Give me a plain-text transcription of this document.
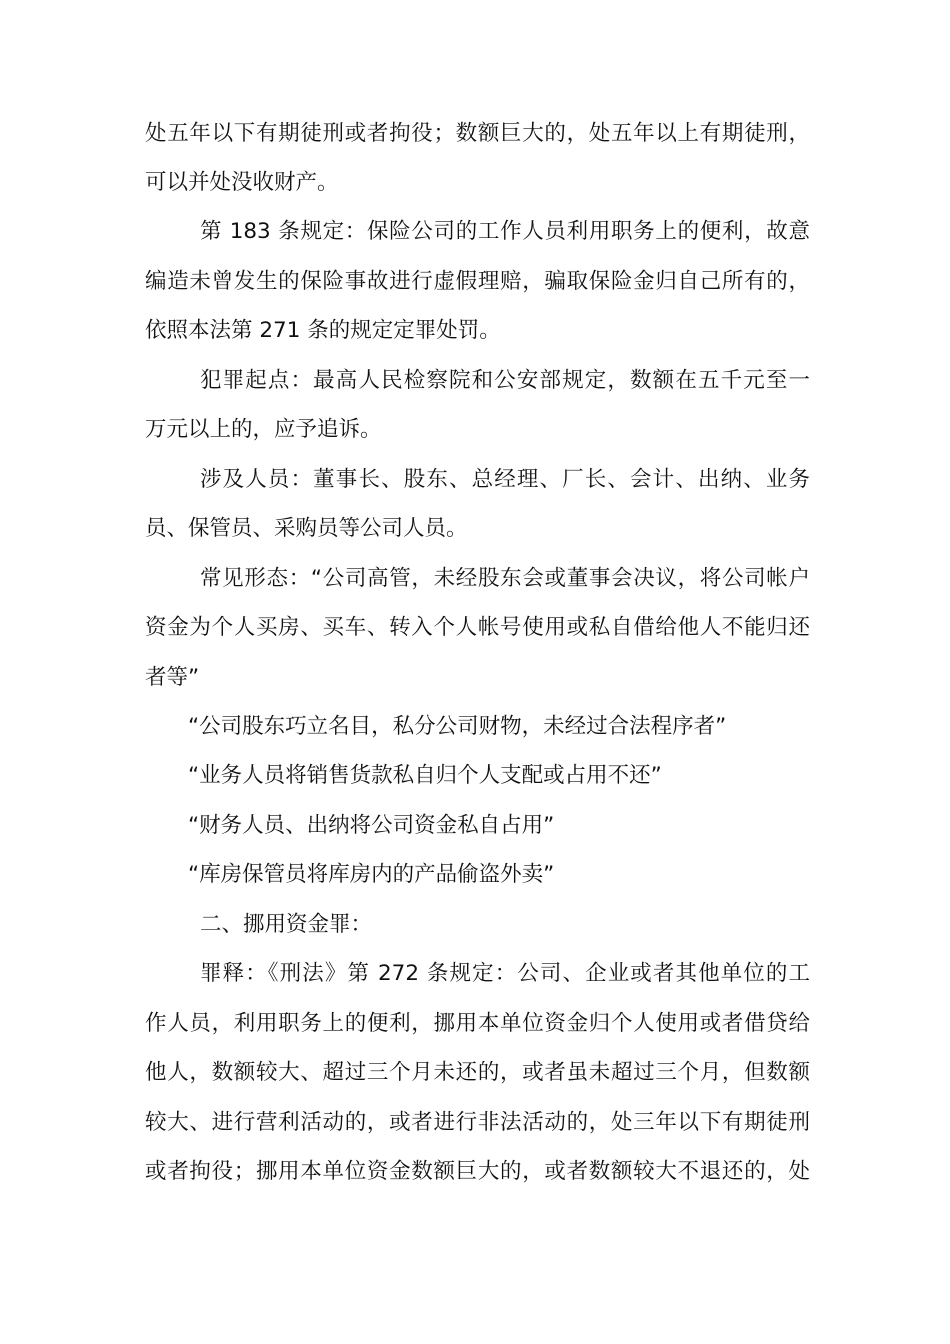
处五年以下有期徒刑或者拘役；数额巨大的，处五年以上有期徒刑，
可以并处没收财产。
第 183 条规定：保险公司的工作人员利用职务上的便利，故意
编造未曾发生的保险事故进行虚假理赔，骗取保险金归自己所有的，
依照本法第 271 条的规定定罪处罚。
犯罪起点：最高人民检察院和公安部规定，数额在五千元至一
万元以上的，应予追诉。
涉及人员：董事长、股东、总经理、厂长、会计、出纳、业务
员、保管员、采购员等公司人员。
常见形态：“公司高管，未经股东会或董事会决议，将公司帐户
资金为个人买房、买车、转入个人帐号使用或私自借给他人不能归还
者等”
“公司股东巧立名目，私分公司财物，未经过合法程序者”
“业务人员将销售货款私自归个人支配或占用不还”
“财务人员、出纳将公司资金私自占用”
“库房保管员将库房内的产品偷盗外卖”
二、挪用资金罪：
罪释：《刑法》第 272 条规定：公司、企业或者其他单位的工
作人员，利用职务上的便利，挪用本单位资金归个人使用或者借贷给
他人，数额较大、超过三个月未还的，或者虽未超过三个月，但数额
较大、进行营利活动的，或者进行非法活动的，处三年以下有期徒刑
或者拘役；挪用本单位资金数额巨大的，或者数额较大不退还的，处
